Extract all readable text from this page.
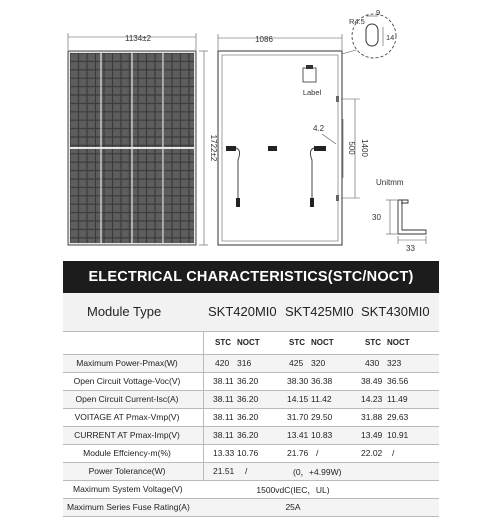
1134±2
1722±2
1086
Label
4.2
1400
500
9
R4.5
14
Unitmm
30
33
ELECTRICAL CHARACTERISTICS(STC/NOCT)
Module Type	SKT420MI0 SKT425MI0 SKT430MI0
STC NOCT	STC NOCT	STC NOCT
Maximum Power-Pmax(W)	420 316	425 320	430 323
Open Circuit Vottage-Voc(V)	38.11 36.20	38.30 36.38	38.49 36.56
Open Circuit Current-Isc(A)	38.11 36.20	14.15 11.42	14.23 11.49
VOITAGE AT Pmax-Vmp(V)	38.11 36.20	31.70 29.50	31.88 29.63
CURRENT AT Pmax-Imp(V)	38.11 36.20	13.41 10.83	13.49 10.91
Module Effciency-m(%)	13.33 10.76	21.76 /	22.02 /
Power Tolerance(W)	21.51 /	(0，+4.99W)
Maximum System Voltage(V)	1500vdC(IEC，UL)
Maximum Series Fuse Rating(A)	25A
